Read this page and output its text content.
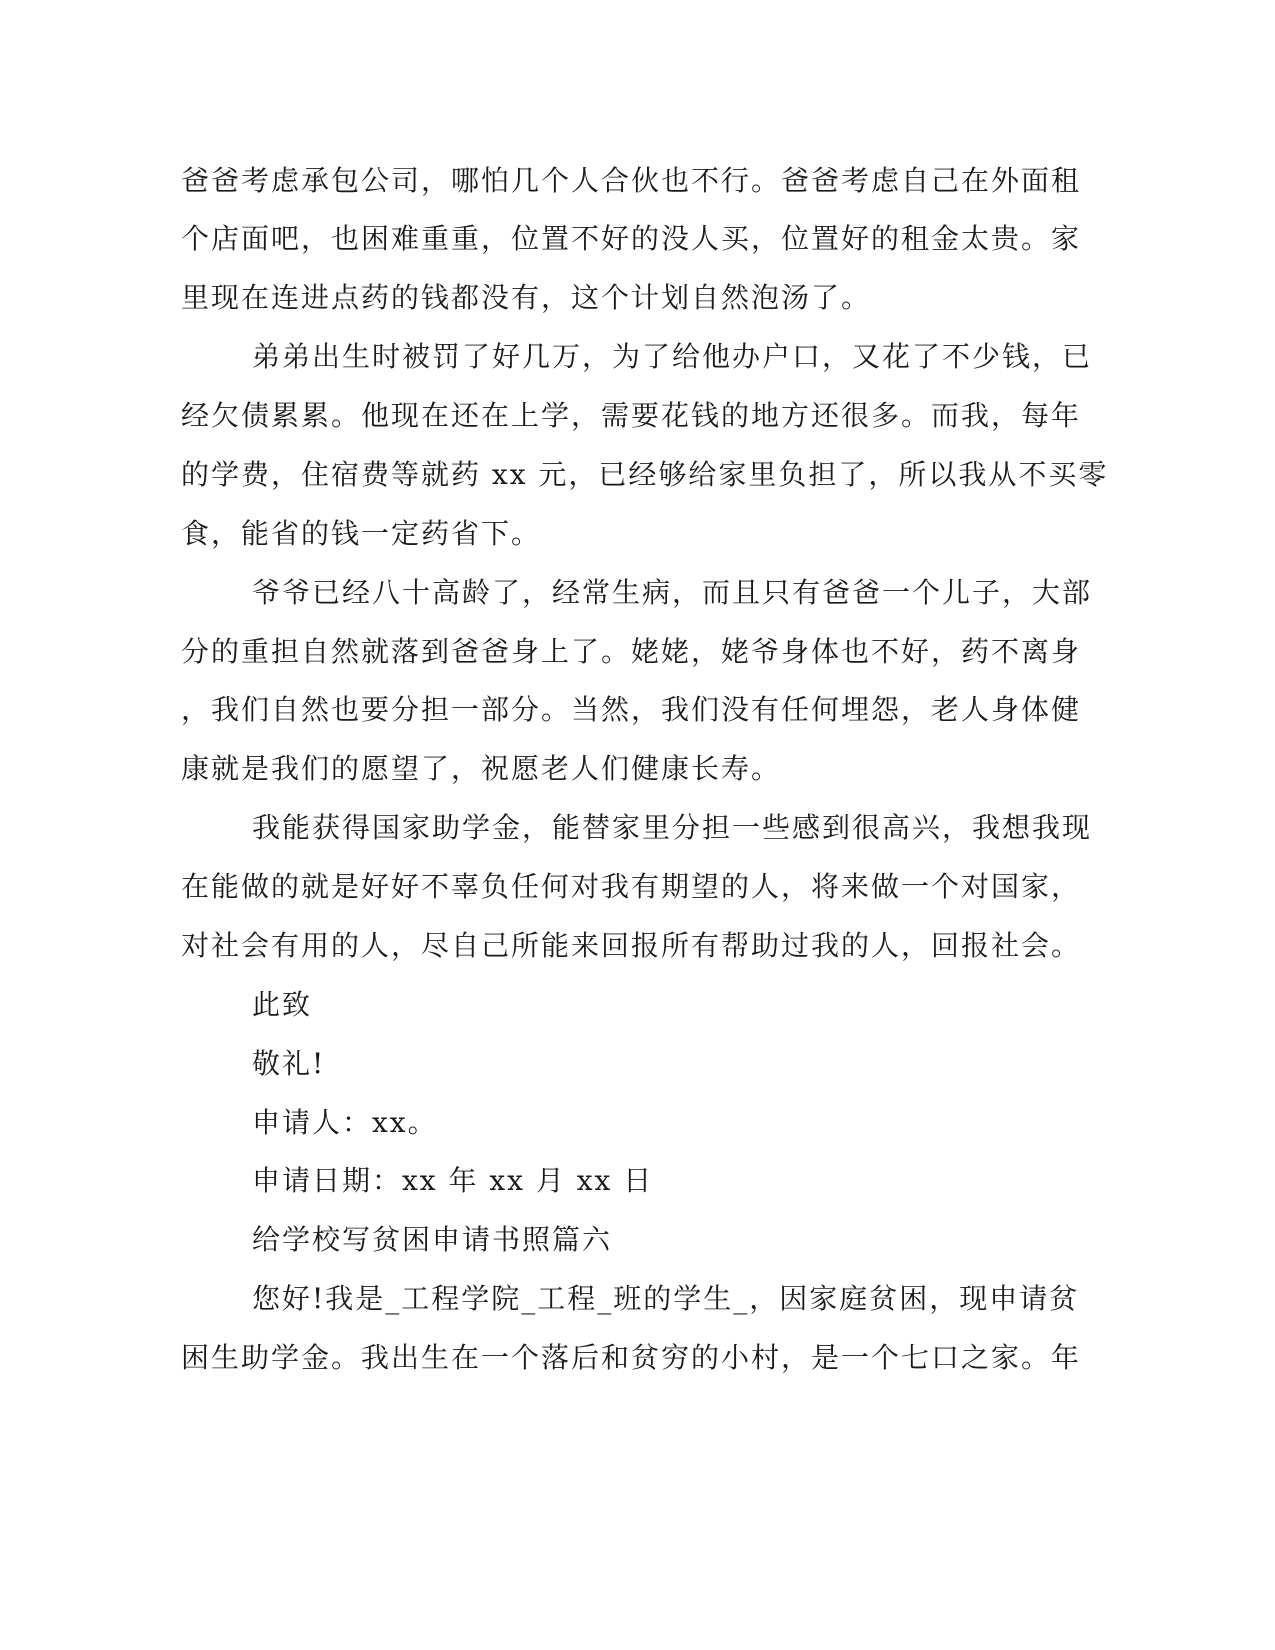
爸爸考虑承包公司，哪怕几个人合伙也不行。爸爸考虑自己在外面租

个店面吧，也困难重重，位置不好的没人买，位置好的租金太贵。家

里现在连进点药的钱都没有，这个计划自然泡汤了。

弟弟出生时被罚了好几万，为了给他办户口，又花了不少钱，已

经欠债累累。他现在还在上学，需要花钱的地方还很多。而我，每年

的学费，住宿费等就药 xx 元，已经够给家里负担了，所以我从不买零

食，能省的钱一定药省下。

爷爷已经八十高龄了，经常生病，而且只有爸爸一个儿子，大部

分的重担自然就落到爸爸身上了。姥姥，姥爷身体也不好，药不离身

，我们自然也要分担一部分。当然，我们没有任何埋怨，老人身体健

康就是我们的愿望了，祝愿老人们健康长寿。

我能获得国家助学金，能替家里分担一些感到很高兴，我想我现

在能做的就是好好不辜负任何对我有期望的人，将来做一个对国家，

对社会有用的人，尽自己所能来回报所有帮助过我的人，回报社会。

此致

敬礼!

申请人：xx。

申请日期：xx 年 xx 月 xx 日

给学校写贫困申请书照篇六

您好!我是_工程学院_工程_班的学生_，因家庭贫困，现申请贫

困生助学金。我出生在一个落后和贫穷的小村，是一个七口之家。年
